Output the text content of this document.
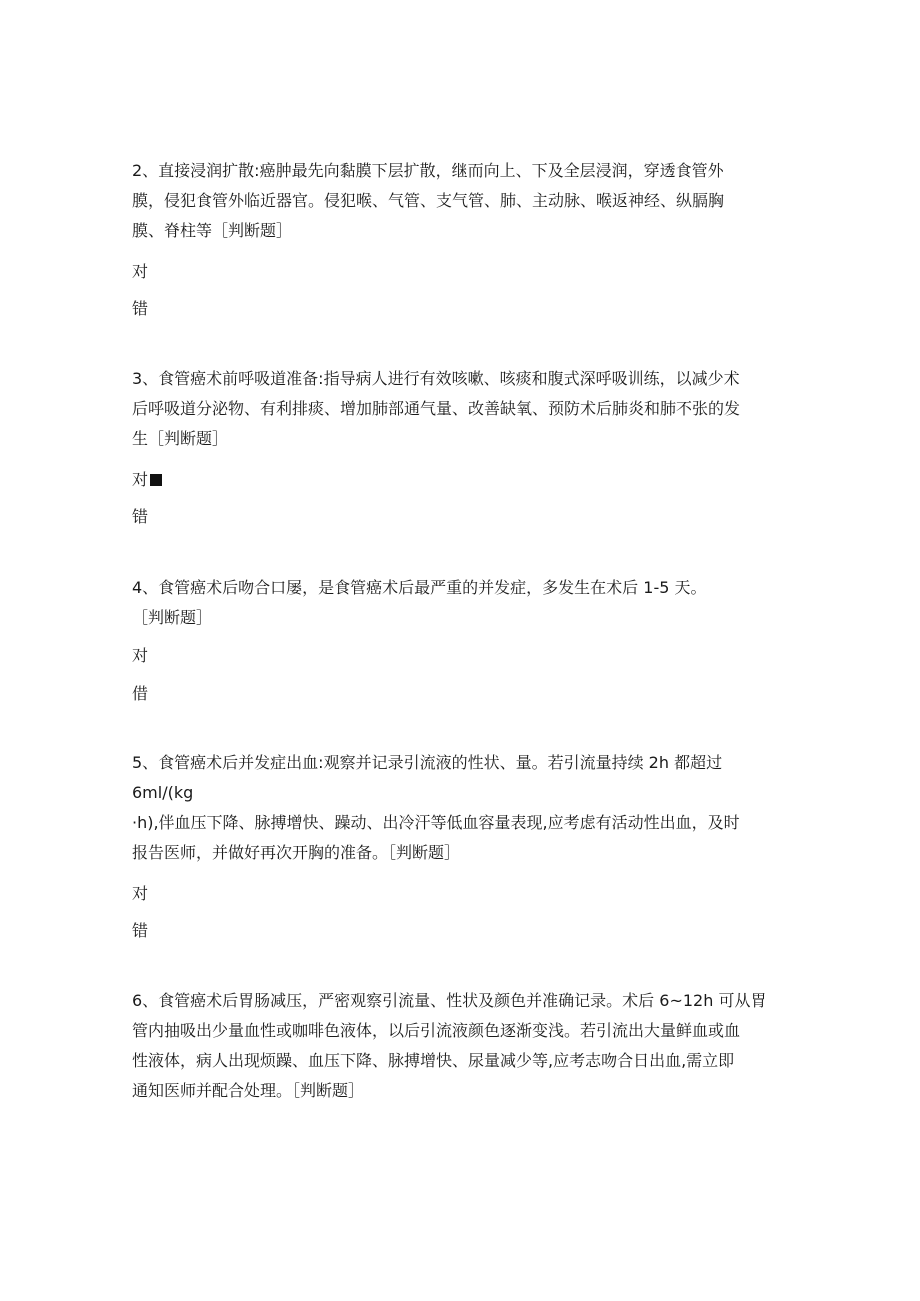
2、直接浸润扩散:癌肿最先向黏膜下层扩散，继而向上、下及全层浸润，穿透食管外
膜，侵犯食管外临近器官。侵犯喉、气管、支气管、肺、主动脉、喉返神经、纵膈胸
膜、脊柱等［判断题］

对
错

3、食管癌术前呼吸道准备:指导病人进行有效咳嗽、咳痰和腹式深呼吸训练，以减少术
后呼吸道分泌物、有利排痰、增加肺部通气量、改善缺氧、预防术后肺炎和肺不张的发
生［判断题］

对
错

4、食管癌术后吻合口屡，是食管癌术后最严重的并发症，多发生在术后 1-5 天。
［判断题］

对
借

5、食管癌术后并发症出血:观察并记录引流液的性状、量。若引流量持续 2h 都超过
6ml/(kg
·h),伴血压下降、脉搏增快、躁动、出冷汗等低血容量表现,应考虑有活动性出血，及时
报告医师，并做好再次开胸的准备。［判断题］

对
错

6、食管癌术后胃肠减压，严密观察引流量、性状及颜色并准确记录。术后 6~12h 可从胃
管内抽吸出少量血性或咖啡色液体，以后引流液颜色逐渐变浅。若引流出大量鲜血或血
性液体，病人出现烦躁、血压下降、脉搏增快、尿量减少等,应考志吻合日出血,需立即
通知医师并配合处理。［判断题］
